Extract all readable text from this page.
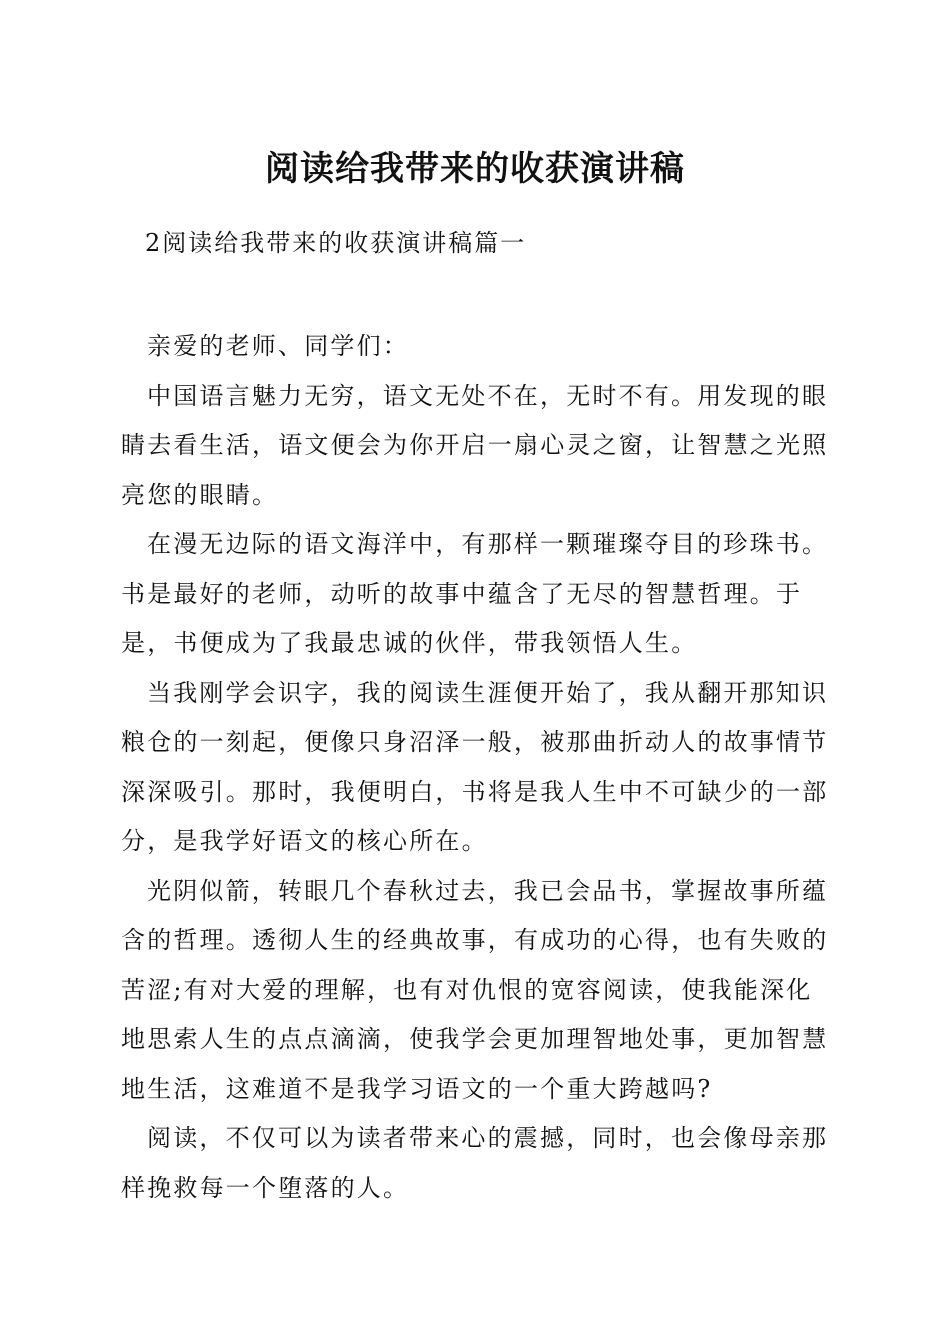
阅读给我带来的收获演讲稿
2阅读给我带来的收获演讲稿篇一

亲爱的老师、同学们：

中国语言魅力无穷，语文无处不在，无时不有。用发现的眼睛去看生活，语文便会为你开启一扇心灵之窗，让智慧之光照亮您的眼睛。

在漫无边际的语文海洋中，有那样一颗璀璨夺目的珍珠书。书是最好的老师，动听的故事中蕴含了无尽的智慧哲理。于是，书便成为了我最忠诚的伙伴，带我领悟人生。

当我刚学会识字，我的阅读生涯便开始了，我从翻开那知识粮仓的一刻起，便像只身沼泽一般，被那曲折动人的故事情节深深吸引。那时，我便明白，书将是我人生中不可缺少的一部分，是我学好语文的核心所在。

光阴似箭，转眼几个春秋过去，我已会品书，掌握故事所蕴含的哲理。透彻人生的经典故事，有成功的心得，也有失败的苦涩;有对大爱的理解，也有对仇恨的宽容阅读，使我能深化地思索人生的点点滴滴，使我学会更加理智地处事，更加智慧地生活，这难道不是我学习语文的一个重大跨越吗?

阅读，不仅可以为读者带来心的震撼，同时，也会像母亲那样挽救每一个堕落的人。
